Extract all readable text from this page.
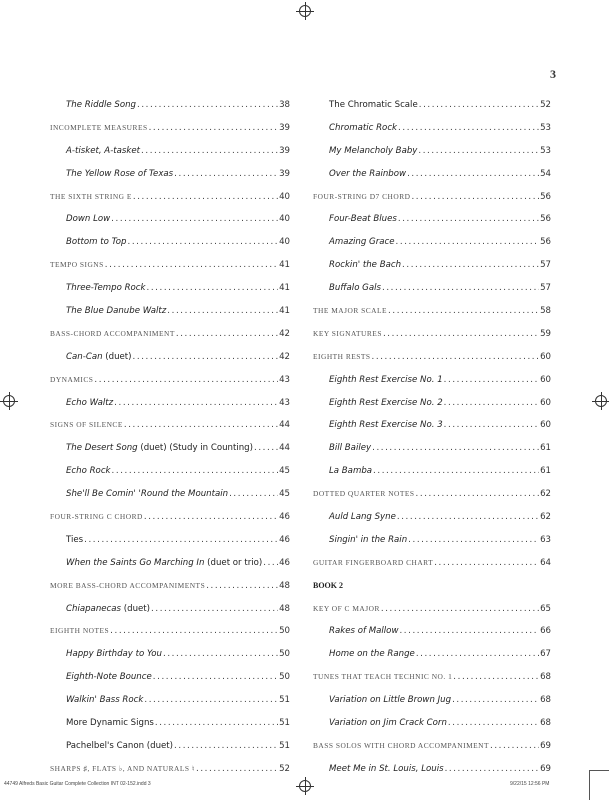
3
The Riddle Song .....	38
INCOMPLETE MEASURES .....	39
A-tisket, A-tasket .....	39
The Yellow Rose of Texas .....	39
THE SIXTH STRING E .....	40
Down Low .....	40
Bottom to Top .....	40
TEMPO SIGNS .....	41
Three-Tempo Rock .....	41
The Blue Danube Waltz .....	41
BASS-CHORD ACCOMPANIMENT .....	42
Can-Can (duet) .....	42
DYNAMICS .....	43
Echo Waltz .....	43
SIGNS OF SILENCE .....	44
The Desert Song (duet) (Study in Counting) .....	44
Echo Rock .....	45
She'll Be Comin' 'Round the Mountain .....	45
FOUR-STRING C CHORD .....	46
Ties .....	46
When the Saints Go Marching In (duet or trio) ..... 46
MORE BASS-CHORD ACCOMPANIMENTS .....	48
Chiapanecas (duet) .....	48
EIGHTH NOTES .....	50
Happy Birthday to You .....	50
Eighth-Note Bounce .....	50
Walkin' Bass Rock .....	51
More Dynamic Signs .....	51
Pachelbel's Canon (duet) .....	51
SHARPS ♯, FLATS ♭, AND NATURALS ♮ .....	52
The Chromatic Scale .....	52
Chromatic Rock .....	53
My Melancholy Baby .....	53
Over the Rainbow .....	54
FOUR-STRING D7 CHORD .....	56
Four-Beat Blues .....	56
Amazing Grace .....	56
Rockin' the Bach .....	57
Buffalo Gals .....	57
THE MAJOR SCALE .....	58
KEY SIGNATURES .....	59
EIGHTH RESTS .....	60
Eighth Rest Exercise No. 1 .....	60
Eighth Rest Exercise No. 2 .....	60
Eighth Rest Exercise No. 3 .....	60
Bill Bailey .....	61
La Bamba .....	61
DOTTED QUARTER NOTES .....	62
Auld Lang Syne .....	62
Singin' in the Rain .....	63
GUITAR FINGERBOARD CHART .....	64
BOOK 2
KEY OF C MAJOR .....	65
Rakes of Mallow .....	66
Home on the Range .....	67
TUNES THAT TEACH TECHNIC NO. 1 .....	68
Variation on Little Brown Jug .....	68
Variation on Jim Crack Corn .....	68
BASS SOLOS WITH CHORD ACCOMPANIMENT .....	69
Meet Me in St. Louis, Louis .....	69
44749 Alfreds Basic Guitar Complete Collection INT 02-152.indd 3	9/22/15 12:56 PM
